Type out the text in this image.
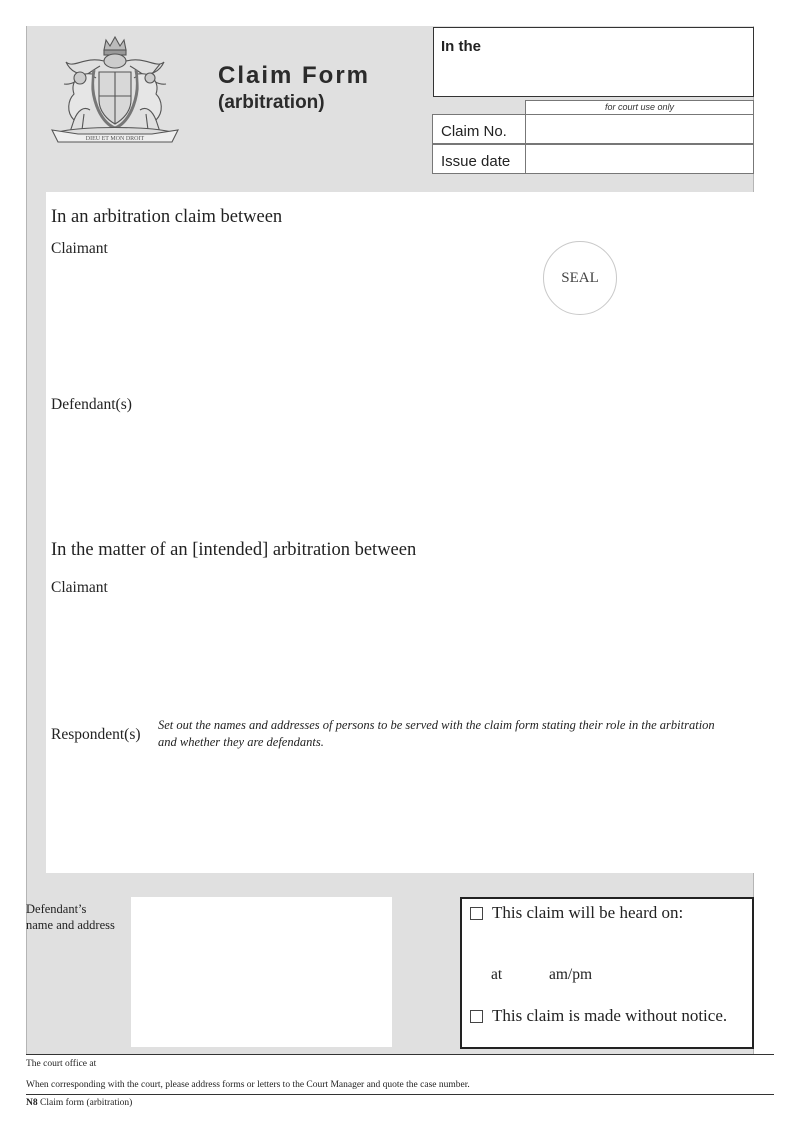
DIEU ET MON DROIT
Claim Form
(arbitration)
In the
for court use only
Claim No.
Issue date
In an arbitration claim between
Claimant
SEAL
Defendant(s)
In the matter of an [intended] arbitration between
Claimant
Respondent(s)
Set out the names and addresses of persons to be served with the claim form stating their role in the arbitration and whether they are defendants.
Defendant’s name and address
This claim will be heard on:
at	am/pm
This claim is made without notice.
The court office at
When corresponding with the court, please address forms or letters to the Court Manager and quote the case number.
N8 Claim form (arbitration)
